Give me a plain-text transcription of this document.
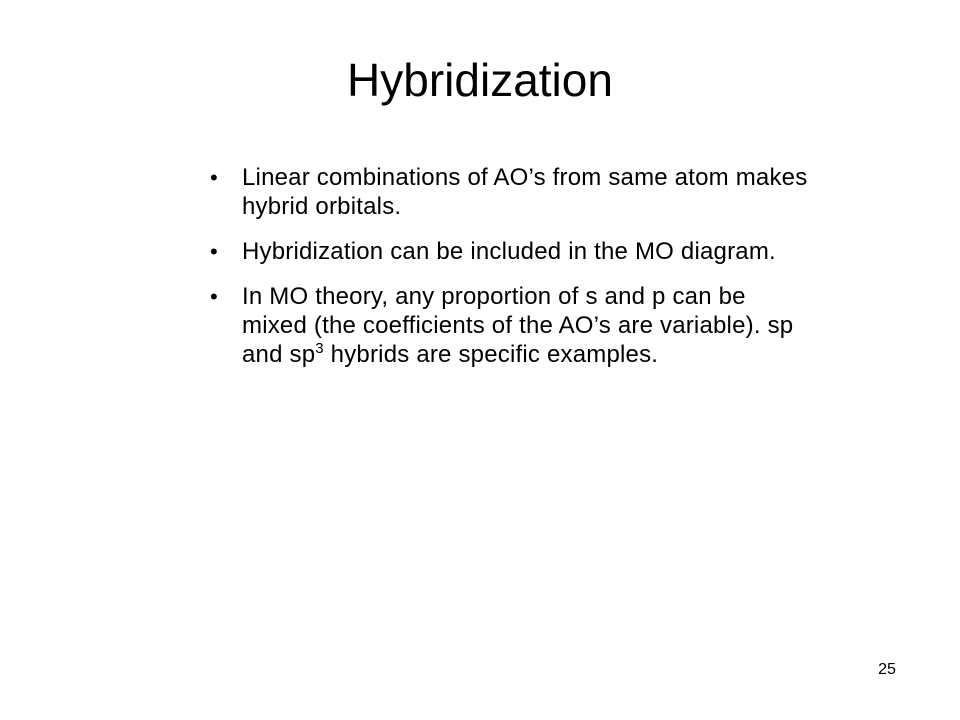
Hybridization
•	Linear combinations of AO’s from same atom makes hybrid orbitals.
•	Hybridization can be included in the MO diagram.
•	In MO theory, any proportion of s and p can be mixed (the coefficients of the AO’s are variable). sp and $sp^3$ hybrids are specific examples.
25
